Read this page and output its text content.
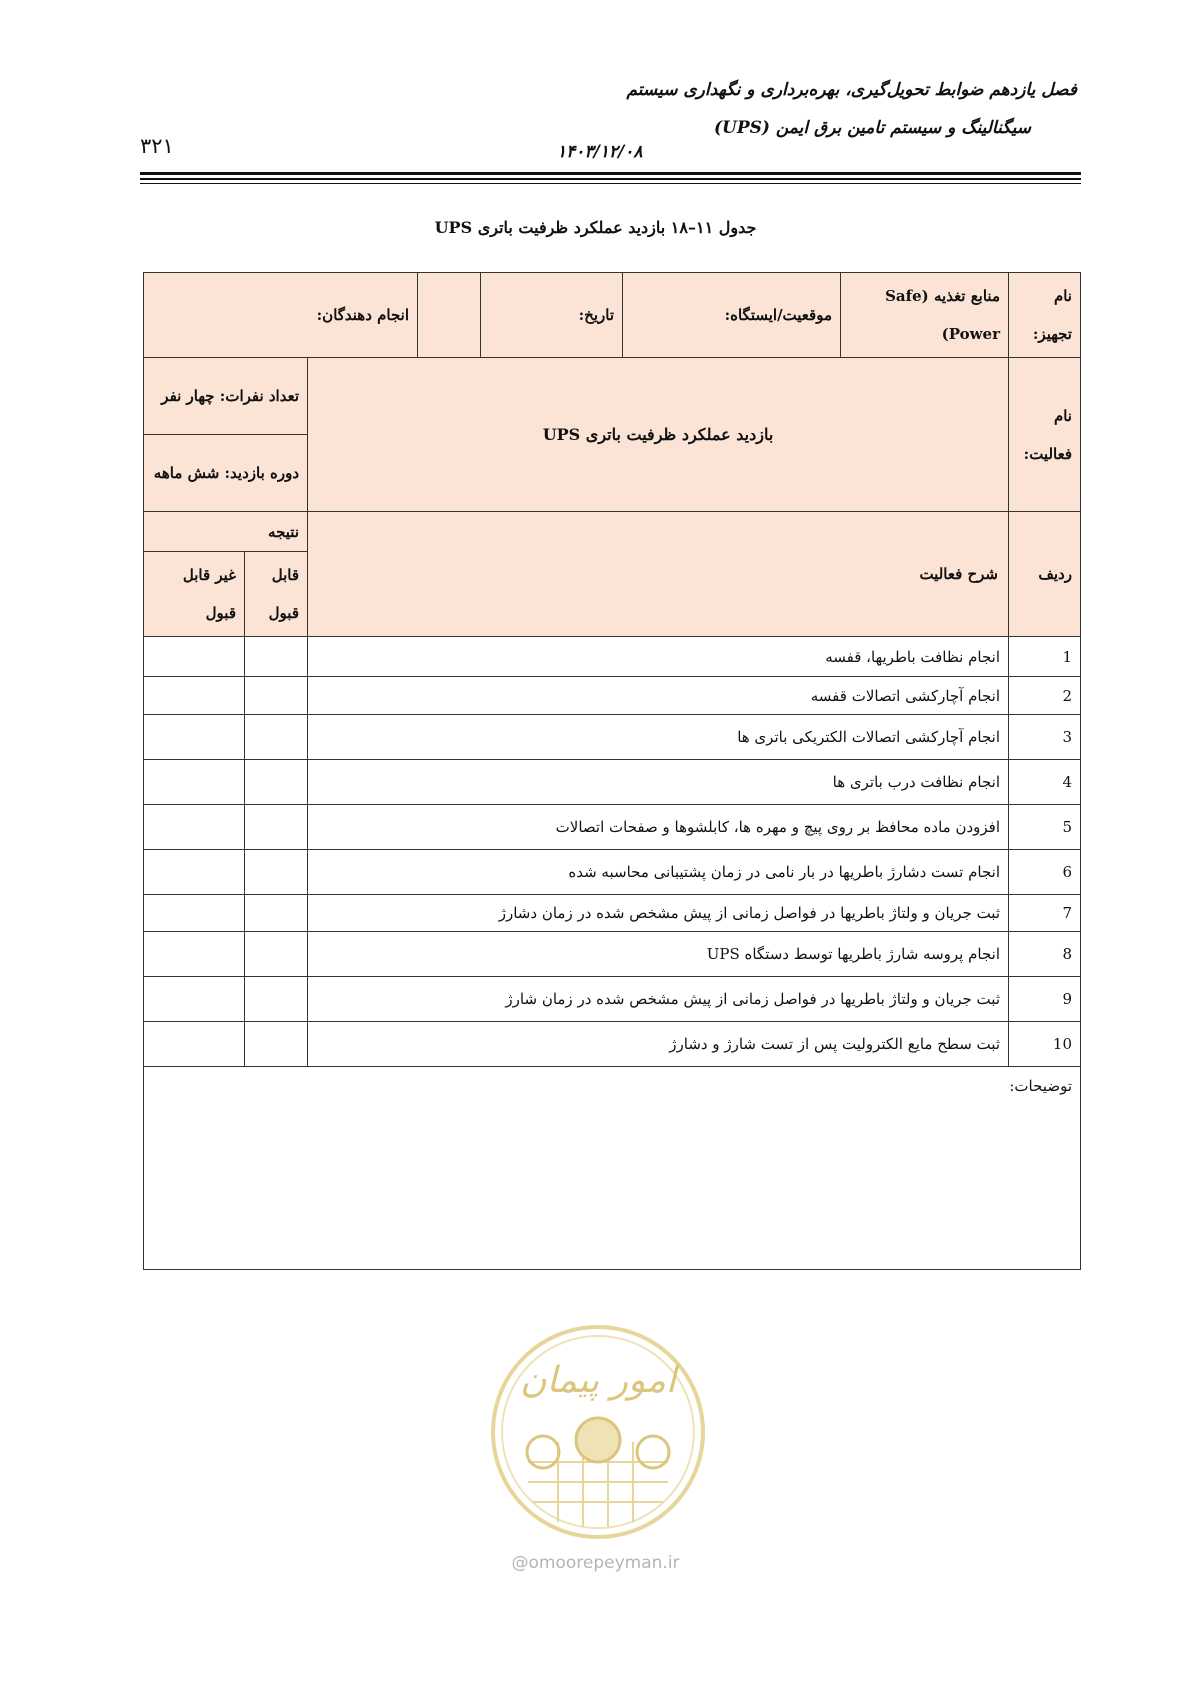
فصل یازدهم ضوابط تحویل‌گیری، بهره‌برداری و نگهداری سیستم
سیگنالینگ و سیستم تامین برق ایمن (UPS)
۱۴۰۳/۱۲/۰۸
۳۲۱
جدول ۱۱–۱۸ بازدید عملکرد ظرفیت باتری UPS
نام تجهیز:	منابع تغذیه (Safe Power)	موقعیت/ایستگاه:	تاریخ:		انجام دهندگان:		
نام فعالیت:	بازدید عملکرد ظرفیت باتری UPS					تعداد نفرات: چهار نفر	
						دوره بازدید: شش ماهه	
ردیف	شرح فعالیت					نتیجه	
						قابل قبول	غیر قابل قبول
1	انجام نظافت باطریها، قفسه						
2	انجام آچارکشی اتصالات قفسه						
3	انجام آچارکشی اتصالات الکتریکی باتری ها						
4	انجام نظافت درب باتری ها						
5	افزودن ماده محافظ بر روی پیچ و مهره ها، کابلشوها و صفحات اتصالات						
6	انجام تست دشارژ باطریها در بار نامی در زمان پشتیبانی محاسبه شده						
7	ثبت جریان و ولتاژ باطریها در فواصل زمانی از پیش مشخص شده در زمان دشارژ						
8	انجام پروسه شارژ باطریها توسط دستگاه UPS						
9	ثبت جریان و ولتاژ باطریها در فواصل زمانی از پیش مشخص شده در زمان شارژ						
10	ثبت سطح مایع الکترولیت پس از تست شارژ و دشارژ						
توضیحات:							
امور پیمان
@omoorepeyman.ir
